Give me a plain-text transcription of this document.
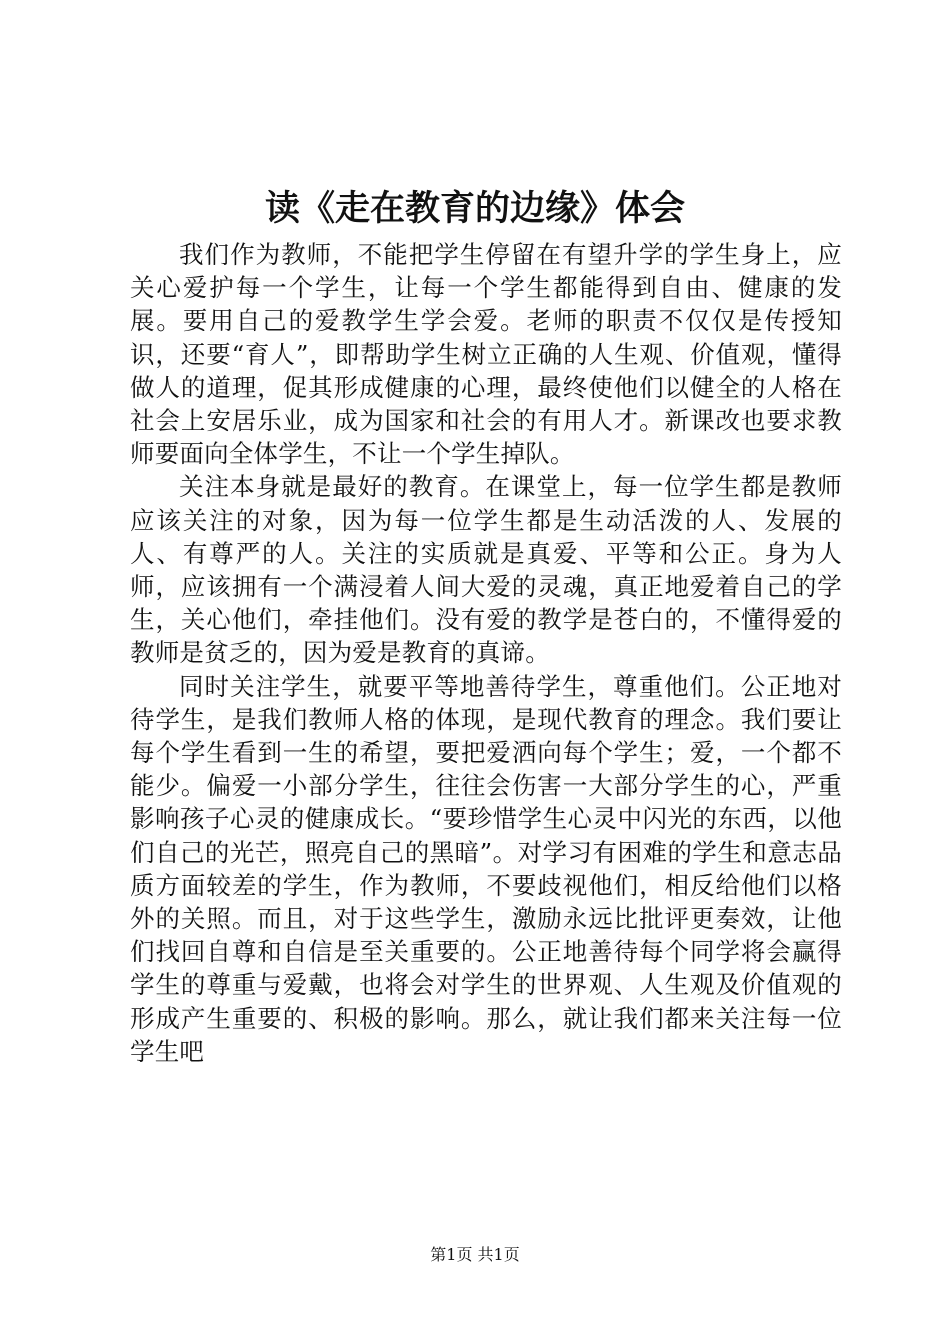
读《走在教育的边缘》体会

我们作为教师，不能把学生停留在有望升学的学生身上，应关心爱护每一个学生，让每一个学生都能得到自由、健康的发展。要用自己的爱教学生学会爱。老师的职责不仅仅是传授知识，还要“育人”，即帮助学生树立正确的人生观、价值观，懂得做人的道理，促其形成健康的心理，最终使他们以健全的人格在社会上安居乐业，成为国家和社会的有用人才。新课改也要求教师要面向全体学生，不让一个学生掉队。

关注本身就是最好的教育。在课堂上，每一位学生都是教师应该关注的对象，因为每一位学生都是生动活泼的人、发展的人、有尊严的人。关注的实质就是真爱、平等和公正。身为人师，应该拥有一个满浸着人间大爱的灵魂，真正地爱着自己的学生，关心他们，牵挂他们。没有爱的教学是苍白的，不懂得爱的教师是贫乏的，因为爱是教育的真谛。

同时关注学生，就要平等地善待学生，尊重他们。公正地对待学生，是我们教师人格的体现，是现代教育的理念。我们要让每个学生看到一生的希望，要把爱洒向每个学生；爱，一个都不能少。偏爱一小部分学生，往往会伤害一大部分学生的心，严重影响孩子心灵的健康成长。“要珍惜学生心灵中闪光的东西，以他们自己的光芒，照亮自己的黑暗”。对学习有困难的学生和意志品质方面较差的学生，作为教师，不要歧视他们，相反给他们以格外的关照。而且，对于这些学生，激励永远比批评更奏效，让他们找回自尊和自信是至关重要的。公正地善待每个同学将会赢得学生的尊重与爱戴，也将会对学生的世界观、人生观及价值观的形成产生重要的、积极的影响。那么，就让我们都来关注每一位学生吧

第1页 共1页
